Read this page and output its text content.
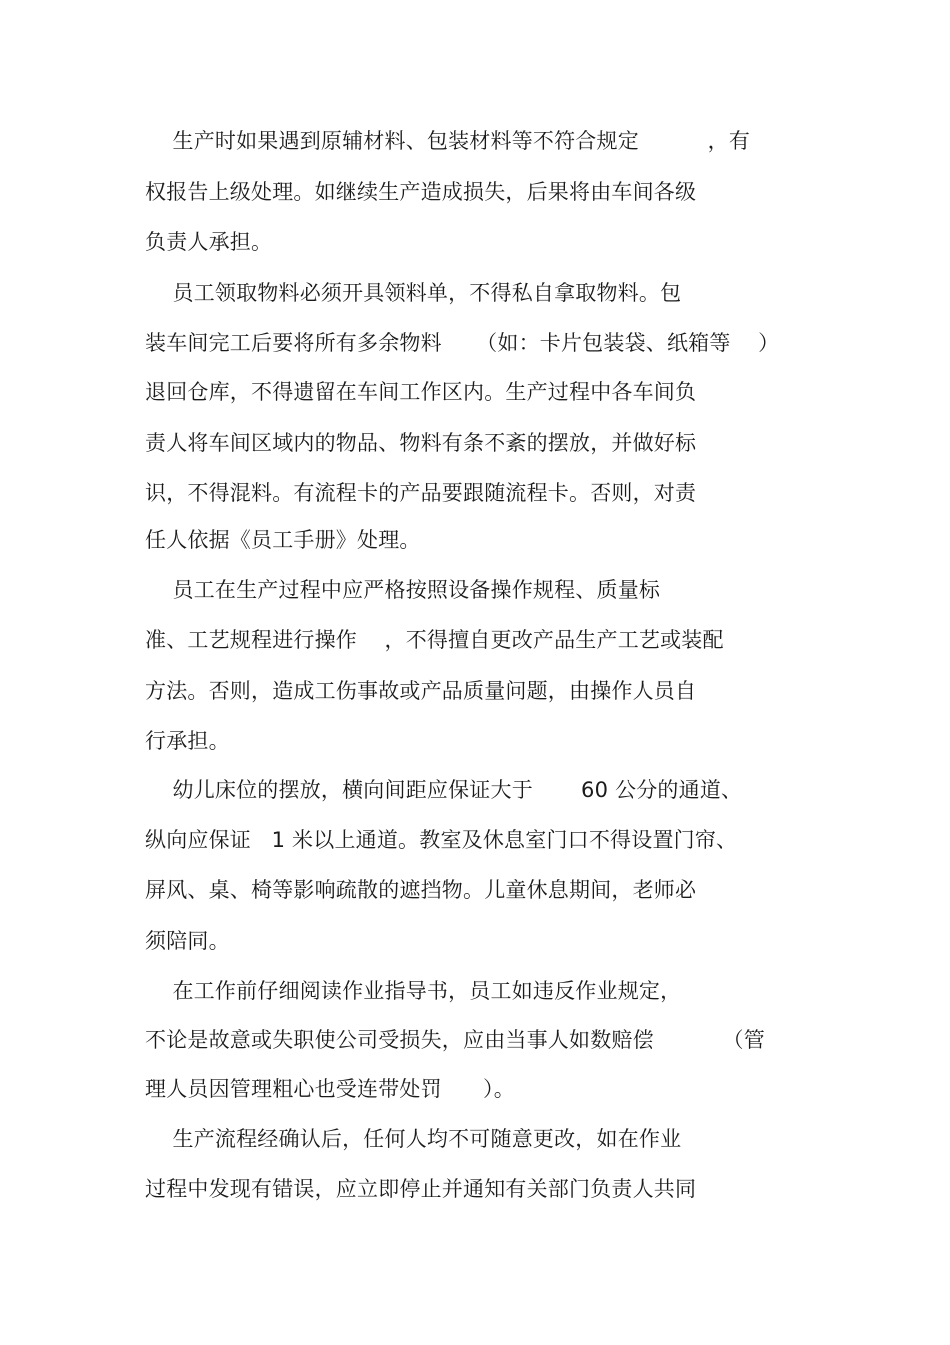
生产时如果遇到原辅材料、包装材料等不符合规定          ，有
权报告上级处理。如继续生产造成损失，后果将由车间各级
负责人承担。
员工领取物料必须开具领料单，不得私自拿取物料。包
装车间完工后要将所有多余物料     （如：卡片包装袋、纸箱等    ）
退回仓库，不得遗留在车间工作区内。生产过程中各车间负
责人将车间区域内的物品、物料有条不紊的摆放，并做好标
识，不得混料。有流程卡的产品要跟随流程卡。否则，对责
任人依据《员工手册》处理。
员工在生产过程中应严格按照设备操作规程、质量标
准、工艺规程进行操作    ，不得擅自更改产品生产工艺或装配
方法。否则，造成工伤事故或产品质量问题，由操作人员自
行承担。
幼儿床位的摆放，横向间距应保证大于       60 公分的通道、
纵向应保证   1 米以上通道。教室及休息室门口不得设置门帘、
屏风、桌、椅等影响疏散的遮挡物。儿童休息期间，老师必
须陪同。
在工作前仔细阅读作业指导书，员工如违反作业规定，
不论是故意或失职使公司受损失，应由当事人如数赔偿          （管
理人员因管理粗心也受连带处罚      ）。
生产流程经确认后，任何人均不可随意更改，如在作业
过程中发现有错误，应立即停止并通知有关部门负责人共同
